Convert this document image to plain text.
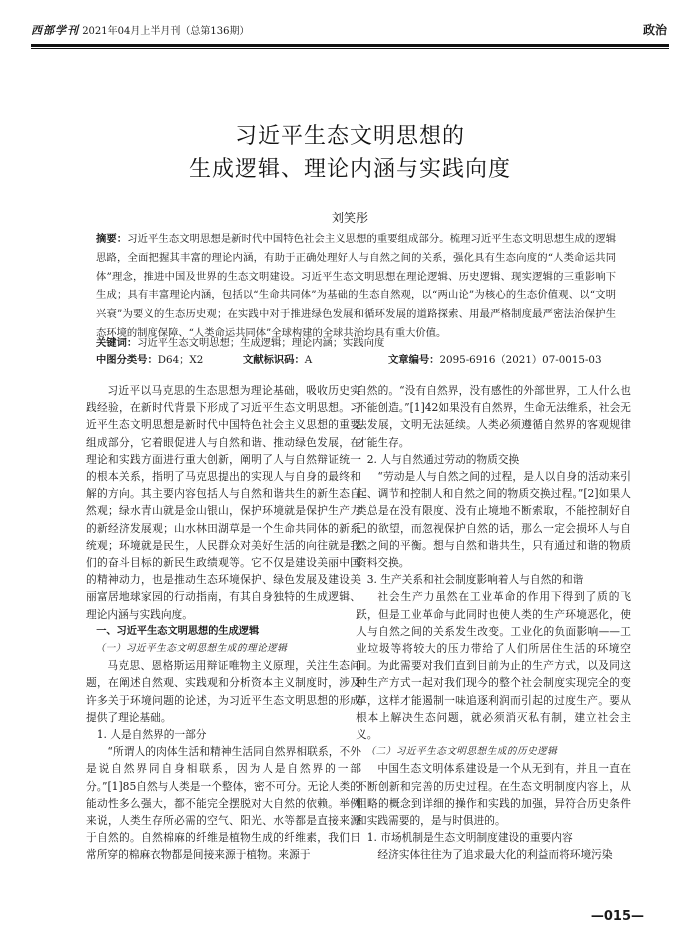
西部学刊 2021年04月上半月刊（总第136期）	政治
习近平生态文明思想的
生成逻辑、理论内涵与实践向度
刘笑彤
摘要：习近平生态文明思想是新时代中国特色社会主义思想的重要组成部分。梳理习近平生态文明思想生成的逻辑思路，全面把握其丰富的理论内涵，有助于正确处理好人与自然之间的关系，强化具有生态向度的“人类命运共同体”理念，推进中国及世界的生态文明建设。习近平生态文明思想在理论逻辑、历史逻辑、现实逻辑的三重影响下生成；具有丰富理论内涵，包括以“生命共同体”为基础的生态自然观，以“两山论”为核心的生态价值观、以“文明兴衰”为要义的生态历史观；在实践中对于推进绿色发展和循环发展的道路探索、用最严格制度最严密法治保护生态环境的制度保障、“人类命运共同体”全球构建的全球共治均具有重大价值。
关键词：习近平生态文明思想；生成逻辑；理论内涵；实践向度
中图分类号：D64；X2	文献标识码：A	文章编号：2095-6916（2021）07-0015-03

习近平以马克思的生态思想为理论基础，吸收历史实践经验，在新时代背景下形成了习近平生态文明思想。习近平生态文明思想是新时代中国特色社会主义思想的重要组成部分，它着眼促进人与自然和谐、推动绿色发展，在理论和实践方面进行重大创新，阐明了人与自然辩证统一的根本关系，指明了马克思提出的实现人与自身的最终和解的方向。其主要内容包括人与自然和谐共生的新生态自然观；绿水青山就是金山银山，保护环境就是保护生产力的新经济发展观；山水林田湖草是一个生命共同体的新系统观；环境就是民生，人民群众对美好生活的向往就是我们的奋斗目标的新民生政绩观等。它不仅是建设美丽中国的精神动力，也是推动生态环境保护、绿色发展及建设美丽富居地球家园的行动指南，有其自身独特的生成逻辑、理论内涵与实践向度。

一、习近平生态文明思想的生成逻辑

（一）习近平生态文明思想生成的理论逻辑

马克思、恩格斯运用辩证唯物主义原理，关注生态问题，在阐述自然观、实践观和分析资本主义制度时，涉及许多关于环境问题的论述，为习近平生态文明思想的形成提供了理论基础。

1. 人是自然界的一部分

“所谓人的肉体生活和精神生活同自然界相联系，不外是说自然界同自身相联系，因为人是自然界的一部分。”[1]85自然与人类是一个整体，密不可分。无论人类的能动性多么强大，都不能完全摆脱对大自然的依赖。举例来说，人类生存所必需的空气、阳光、水等都是直接来源于自然的。自然棉麻的纤维是植物生成的纤维素，我们日常所穿的棉麻衣物都是间接来源于植物。来源于

自然的。“没有自然界，没有感性的外部世界，工人什么也不能创造。”[1]42如果没有自然界，生命无法维系，社会无法发展，文明无法延续。人类必须遵循自然界的客观规律才能生存。

2. 人与自然通过劳动的物质交换

“劳动是人与自然之间的过程，是人以自身的活动来引起、调节和控制人和自然之间的物质交换过程。”[2]如果人类总是在没有限度、没有止境地不断索取，不能控制好自己的欲望，而忽视保护自然的话，那么一定会损坏人与自然之间的平衡。想与自然和谐共生，只有通过和谐的物质资料交换。

3. 生产关系和社会制度影响着人与自然的和谐

社会生产力虽然在工业革命的作用下得到了质的飞跃，但是工业革命与此同时也使人类的生产环境恶化，使人与自然之间的关系发生改变。工业化的负面影响——工业垃圾等将较大的压力带给了人们所居住生活的环境空间。为此需要对我们直到目前为止的生产方式，以及同这种生产方式一起对我们现今的整个社会制度实现完全的变革，这样才能遏制一味追逐利润而引起的过度生产。要从根本上解决生态问题，就必须消灭私有制，建立社会主义。

（二）习近平生态文明思想生成的历史逻辑

中国生态文明体系建设是一个从无到有，并且一直在不断创新和完善的历史过程。在生态文明制度内容上，从粗略的概念到详细的操作和实践的加强，异符合历史条件和实践需要的，是与时俱进的。

1. 市场机制是生态文明制度建设的重要内容

经济实体往往为了追求最大化的利益而将环境污染

—015—
